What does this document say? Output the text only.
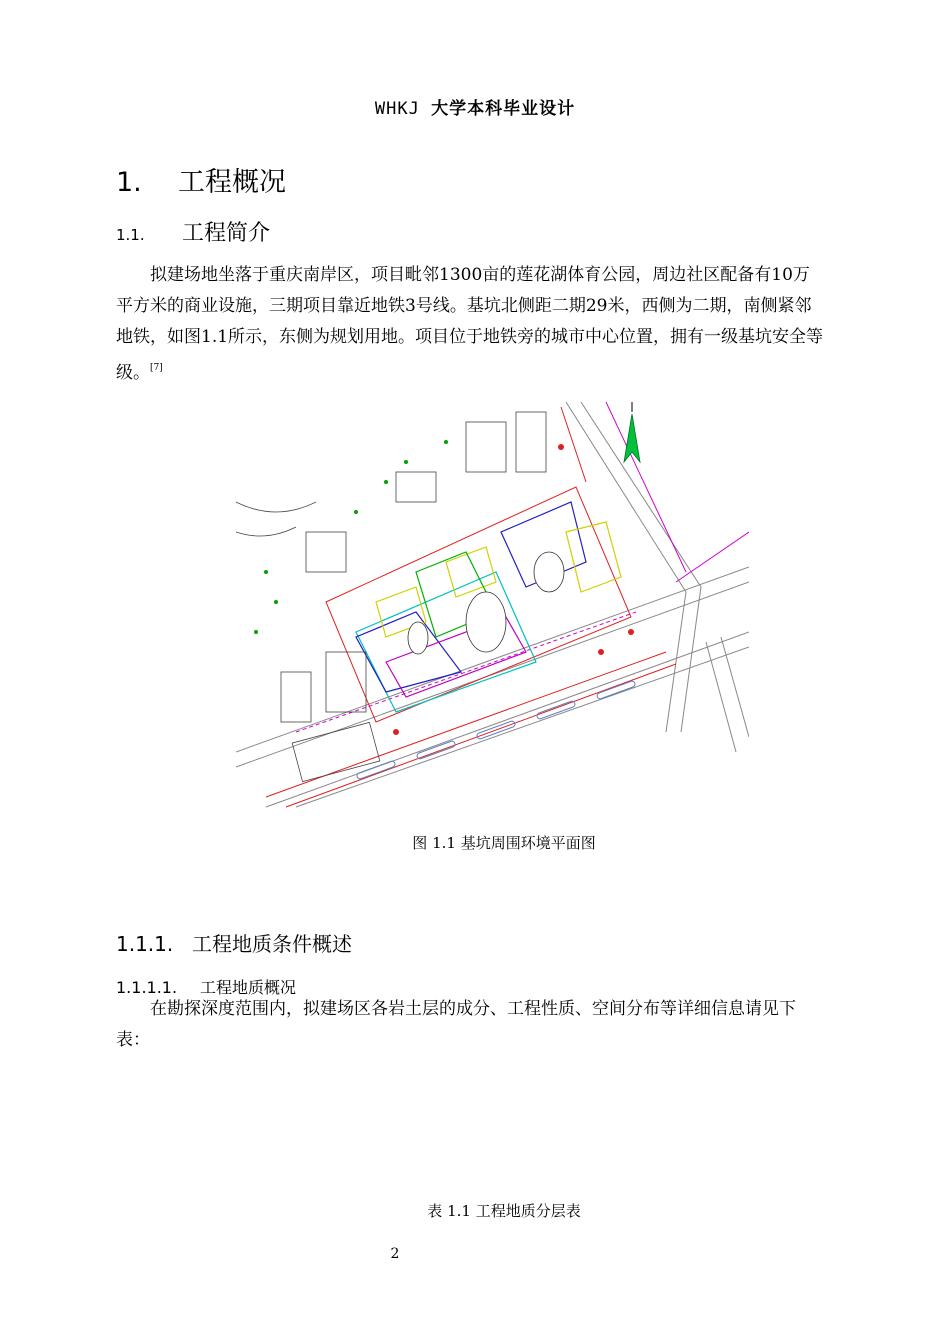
WHKJ 大学本科毕业设计
1. 工程概况
1.1. 工程简介
拟建场地坐落于重庆南岸区，项目毗邻1300亩的莲花湖体育公园，周边社区配备有10万平方米的商业设施，三期项目靠近地铁3号线。基坑北侧距二期29米，西侧为二期，南侧紧邻地铁，如图1.1所示，东侧为规划用地。项目位于地铁旁的城市中心位置，拥有一级基坑安全等级。[7]
图 1.1 基坑周围环境平面图
1.1.1. 工程地质条件概述
1.1.1.1. 工程地质概况
在勘探深度范围内，拟建场区各岩土层的成分、工程性质、空间分布等详细信息请见下表：
表 1.1 工程地质分层表
2
